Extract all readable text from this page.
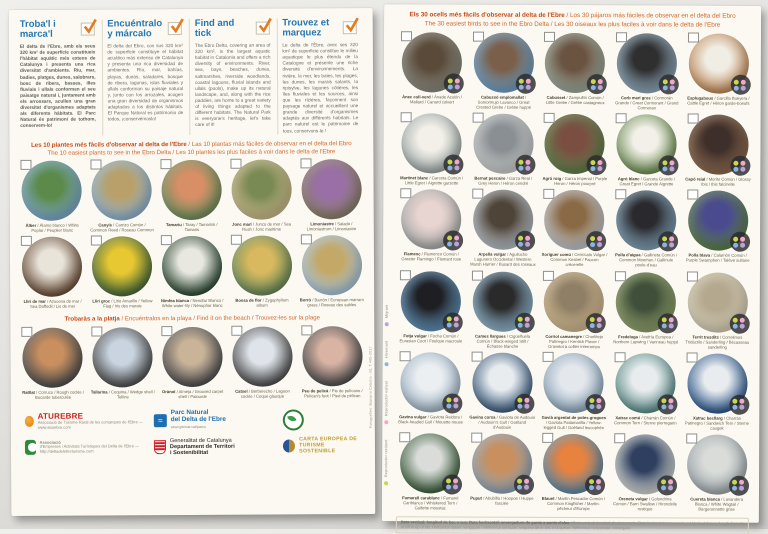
Troba'l i marca'l
El delta de l'Ebre, amb els seus 320 km² de superfície constitueix l'hàbitat aquàtic més extens de Catalunya i presenta una rica diversitat d'ambients. Riu, mar, badies, platges, dunes, salobrars, bosc de ribera, basses, illes fluvials i ullals conformen el seu paisatge natural i, juntament amb els arrossars, acullen una gran diversitat d'organismes adaptats als diferents hàbitats. El Parc Natural és patrimoni de tothom, conservem-lo!
Encuéntralo y márcalo
El delta del Ebro, con sus 320 km² de superficie constituye el hábitat acuático más extenso de Catalunya y presenta una rica diversidad de ambientes. Río, mar, bahías, playas, dunas, saladares, bosque de ribera, lagunas, islas fluviales y ullals conforman su paisaje natural y, junto con los arrozales, acogen una gran diversidad de organismos adaptados a los distintos hábitats. El Parque Natural es patrimonio de todos, ¡conservémoslo!
Find and tick
The Ebro Delta, covering an area of 320 km², is the largest aquatic habitat in Catalonia and offers a rich diversity of environments. River, sea, bays, beaches, dunes, saltmarshes, riverside woodlands, coastal lagoons, fluvial islands and ullals (pools), make up its natural landscape, and, along with the rice paddies, are home to a great variety of living things adapted to the different habitats. The Natural Park is everyone's heritage, let's take care of it!
Trouvez et marquez
Le delta de l'Èbre, avec ses 320 km² de superficie constitue le milieu aquatique le plus étendu de la Catalogne et présente une riche diversité d'environnements. La rivière, la mer, les baies, les plages, les dunes, les marais salants, la ripisylve, les lagunes côtières, les îles fluviales et les sources, ainsi que les rizières, façonnent son paysage naturel et accueillent une grande diversité d'organismes adaptés aux différents habitats. Le parc naturel est le patrimoine de tous, conservons-le !
Les 10 plantes més fàcils d'observar al delta de l'Ebre / Las 10 plantas más fáciles de observar en el delta del Ebro
The 10 easiest plants to see in the Ebro Delta / Les 10 plantes les plus faciles à voir dans le delta de l'Ebre
Àlber / Álamo blanco / White Poplar / Peuplier blanc
Canyís / Carrizo Común / Common Reed / Roseau Commun
Tamariu / Taray / Tamarisk / Tamaris
Jonc marí / Junco de mar / Sea Rush / Jonc maritime
Limoniastre / Salado / Limoniastrum / Limoniastre
Lliri de mar / Azucena de mar / Sea Daffodil / Lis de mer
Lliri groc / Lirio Amarillo / Yellow Flag / Iris des marais
Nimfea blanca / Nenúfar Blanco / White water-lily / Nénuphar blanc
Bossa de flor / Zygophyllum album
Borró / Barrón / European marram grass / Roseau des sables
Trobaràs a la platja / Encuéntralos en la playa / Find it on the beach / Trouvez-les sur la plage
Ratllat / Corruco / Rough cockle / Bucarde tuberculée
Tallarina / Coquina / Wedge shell / Telline
Orànol / Almeja / Grooved carpet shell / Palourde
Catxel / Berberecho / Lagoon cockle / Coque glauque
Peu de pelicà / Pie de pelícano / Pelican's foot / Pied de pélican
ATUREBRE
Associació de Turisme Rural de les comarques de l'Ebre — www.aturebre.com
≈
Parc Natural
del Delta de l'Ebre
www.gencat.cat/parcs
Associació
d'Empreses i Activitats Turístiques del Delta de l'Ebre — http://deltadelebreturisme.com
Generalitat de Catalunya
Departament de Territori
i Sostenibilitat
CARTA EUROPEA DE
TURISME SOSTENIBLE
Fotografies: Mariano Cebolla · DL T 405-2017
Els 30 ocells més fàcils d'observar al delta de l'Ebre / Los 30 pájaros más fáciles de observar en el delta del Ebro
The 30 easiest birds to see in the Ebro Delta / Les 30 oiseaux les plus faciles à voir dans le delta de l'Ebre
Ànec coll-verd / Ánade Azulón / Mallard / Canard colvert
Cabussó emplomallat / Somormujo Lavanco / Great Crested Grebe / Grèbe huppé
Cabusset / Zampullín Común / Little Grebe / Grèbe castagneux
Corb marí gros / Cormorán Grande / Great Cormorant / Grand Cormoran
Esplugabous / Garcilla Bueyera / Cattle Egret / Héron garde-boeufs
Martinet blanc / Garceta Común / Little Egret / Aigrette garzette
Bernat pescaire / Garza Real / Grey Heron / Héron cendré
Agró roig / Garza Imperial / Purple Heron / Héron pourpré
Agró blanc / Garceta Grande / Great Egret / Grande Aigrette
Capó reial / Morito Común / Glossy Ibis / Ibis falcinelle
Flamenc / Flamenco Común / Greater Flamingo / Flamant rose
Arpella vulgar / Aguilucho Lagunero Occidental / Western Marsh Harrier / Busard des roseaux
Xoriguer comú / Cernícalo Vulgar / Common Kestrel / Faucon crécerelle
Polla d'aigua / Gallineta Común / Common Moorhen / Gallinule poule-d'eau
Polla blava / Calamón Común / Purple Swamphen / Talève sultane
Fotja vulgar / Focha Común / Eurasian Coot / Foulque macroule
Cames llargues / Cigüeñuela Común / Black-winged Stilt / Échasse blanche
Corriol camanegre / Chorlitejo Patinegro / Kentish Plover / Gravelot à collier interrompu
Fredeluga / Avefría Europea / Northern Lapwing / Vanneau huppé
Territ tresdits / Correlimos Tridáctilo / Sanderling / Bécasseau sanderling
Gavina vulgar / Gaviota Reidora / Black-headed Gull / Mouette rieuse
Gavina corsa / Gaviota de Audouin / Audouin's Gull / Goéland d'Audouin
Gavià argentat de potes grogues / Gaviota Patiamarilla / Yellow-legged Gull / Goéland leucophée
Xatrac comú / Charrán Común / Common Tern / Sterne pierregarin
Xatrac becllarg / Charrán Patinegro / Sandwich Tern / Sterne caugek
Fumarell carablanc / Fumarel Cariblanco / Whiskered Tern / Guifette moustac
Puput / Abubilla / Hoopoe / Huppe fasciée
Blauet / Martín Pescador Común / Common Kingfisher / Martin-pêcheur d'Europe
Oreneta vulgar / Golondrina Común / Barn Swallow / Hirondelle rustique
Cuereta blanca / Lavandera Blanca / White Wagtail / Bergeronnette grise
Data vertical: longitud de bec a cua. Data horitzontal: envergadura de punta a punta d'ales / Dato vertical: longitud de pico a cola. Dato horizontal: envergadura / Vertical datum: length from tip of bill to tip of tail. Horizontal datum: wingspan / Référence verticale: longueur de le bec à la queue. Référence horizontale: envergure.
Reproductor resident Reproductor estival Hivernant Migrant
